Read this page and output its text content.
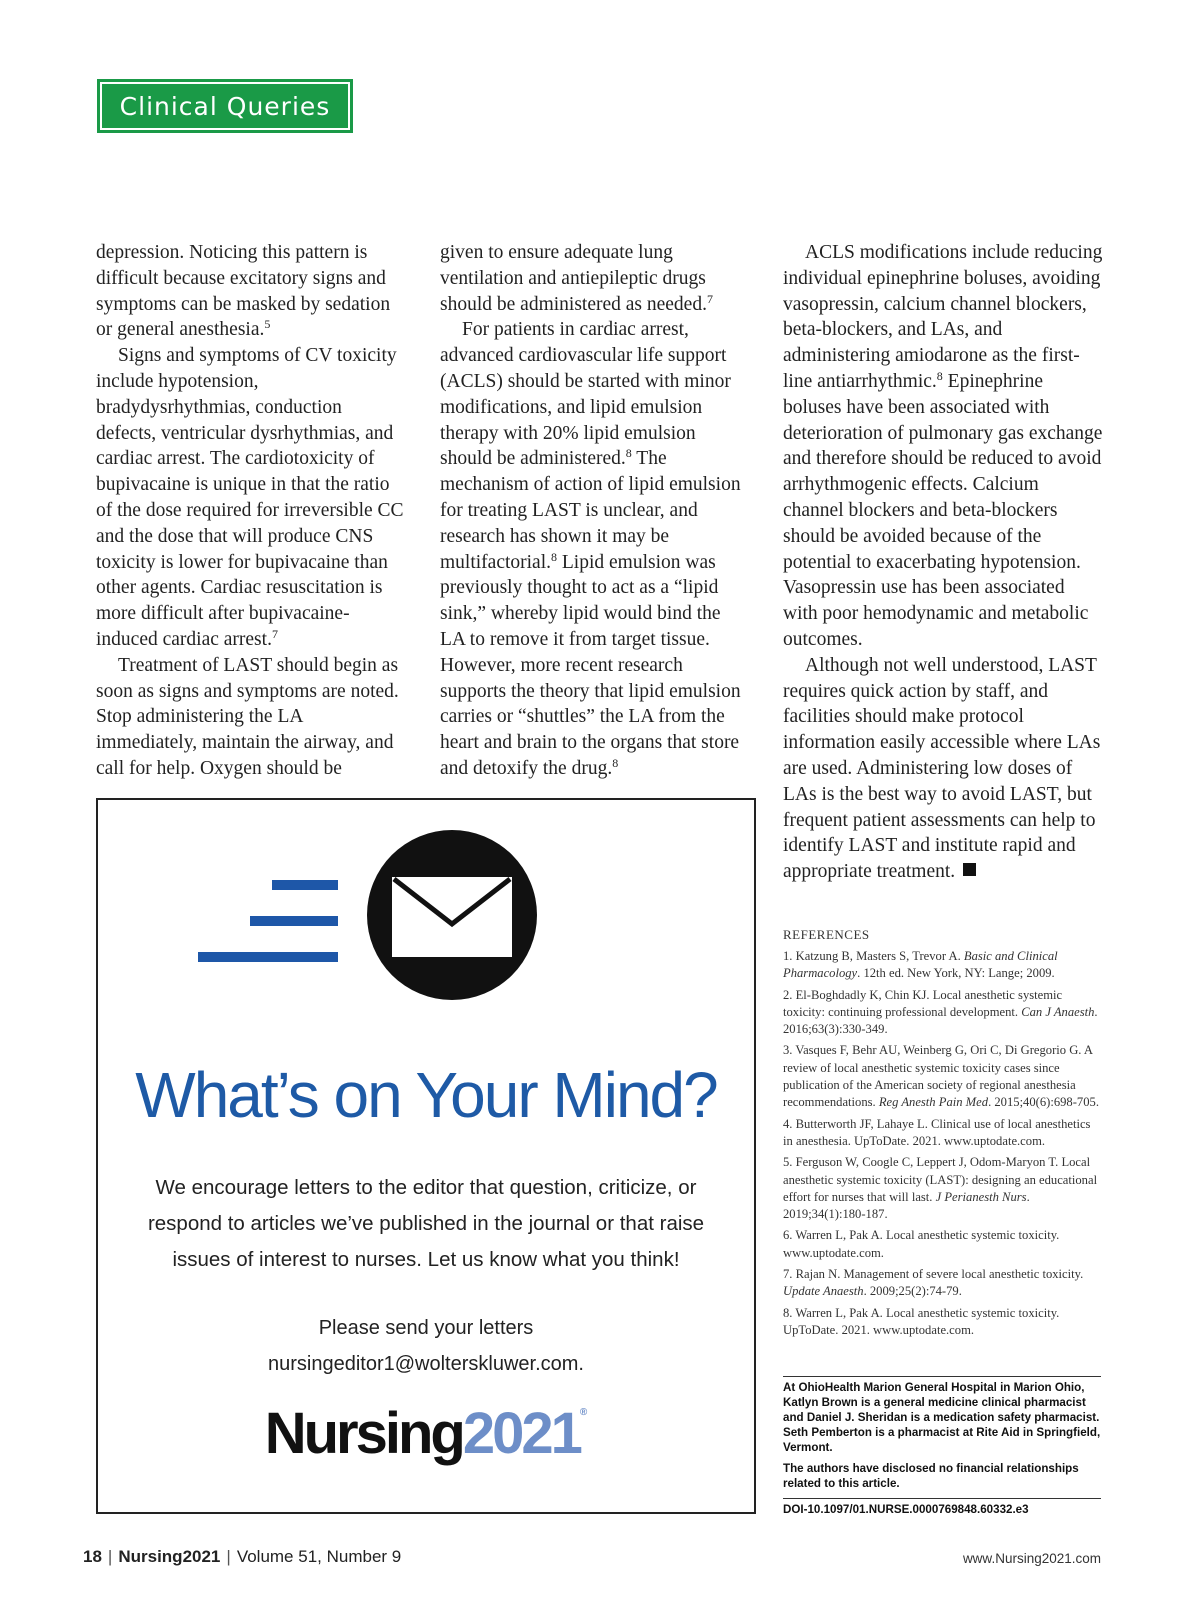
Clinical Queries

depression. Noticing this pattern is difficult because excitatory signs and symptoms can be masked by sedation or general anesthesia.$^5$

Signs and symptoms of CV toxicity include hypotension, bradydysrhythmias, conduction defects, ventricular dysrhythmias, and cardiac arrest. The cardiotoxicity of bupivacaine is unique in that the ratio of the dose required for irreversible CC and the dose that will produce CNS toxicity is lower for bupivacaine than other agents. Cardiac resuscitation is more difficult after bupivacaine-induced cardiac arrest.$^7$

Treatment of LAST should begin as soon as signs and symptoms are noted. Stop administering the LA immediately, maintain the airway, and call for help. Oxygen should be

given to ensure adequate lung ventilation and antiepileptic drugs should be administered as needed.$^7$

For patients in cardiac arrest, advanced cardiovascular life support (ACLS) should be started with minor modifications, and lipid emulsion therapy with 20% lipid emulsion should be administered.$^8$ The mechanism of action of lipid emulsion for treating LAST is unclear, and research has shown it may be multifactorial.$^8$ Lipid emulsion was previously thought to act as a “lipid sink,” whereby lipid would bind the LA to remove it from target tissue. However, more recent research supports the theory that lipid emulsion carries or “shuttles” the LA from the heart and brain to the organs that store and detoxify the drug.$^8$

ACLS modifications include reducing individual epinephrine boluses, avoiding vasopressin, calcium channel blockers, beta-blockers, and LAs, and administering amiodarone as the first-line antiarrhythmic.$^8$ Epinephrine boluses have been associated with deterioration of pulmonary gas exchange and therefore should be reduced to avoid arrhythmogenic effects. Calcium channel blockers and beta-blockers should be avoided because of the potential to exacerbating hypotension. Vasopressin use has been associated with poor hemodynamic and metabolic outcomes.

Although not well understood, LAST requires quick action by staff, and facilities should make protocol information easily accessible where LAs are used. Administering low doses of LAs is the best way to avoid LAST, but frequent patient assessments can help to identify LAST and institute rapid and appropriate treatment.

What’s on Your Mind?
We encourage letters to the editor that question, criticize, or respond to articles we’ve published in the journal or that raise issues of interest to nurses. Let us know what you think!
Please send your letters
nursingeditor1@wolterskluwer.com.
Nursing2021®
REFERENCES
1. Katzung B, Masters S, Trevor A. Basic and Clinical Pharmacology. 12th ed. New York, NY: Lange; 2009.
2. El-Boghdadly K, Chin KJ. Local anesthetic systemic toxicity: continuing professional development. Can J Anaesth. 2016;63(3):330-349.
3. Vasques F, Behr AU, Weinberg G, Ori C, Di Gregorio G. A review of local anesthetic systemic toxicity cases since publication of the American society of regional anesthesia recommendations. Reg Anesth Pain Med. 2015;40(6):698-705.
4. Butterworth JF, Lahaye L. Clinical use of local anesthetics in anesthesia. UpToDate. 2021. www.uptodate.com.
5. Ferguson W, Coogle C, Leppert J, Odom-Maryon T. Local anesthetic systemic toxicity (LAST): designing an educational effort for nurses that will last. J Perianesth Nurs. 2019;34(1):180-187.
6. Warren L, Pak A. Local anesthetic systemic toxicity. www.uptodate.com.
7. Rajan N. Management of severe local anesthetic toxicity. Update Anaesth. 2009;25(2):74-79.
8. Warren L, Pak A. Local anesthetic systemic toxicity. UpToDate. 2021. www.uptodate.com.

At OhioHealth Marion General Hospital in Marion Ohio, Katlyn Brown is a general medicine clinical pharmacist and Daniel J. Sheridan is a medication safety pharmacist. Seth Pemberton is a pharmacist at Rite Aid in Springfield, Vermont.

The authors have disclosed no financial relationships related to this article.

DOI-10.1097/01.NURSE.0000769848.60332.e3
18 | Nursing2021 | Volume 51, Number 9	www.Nursing2021.com
